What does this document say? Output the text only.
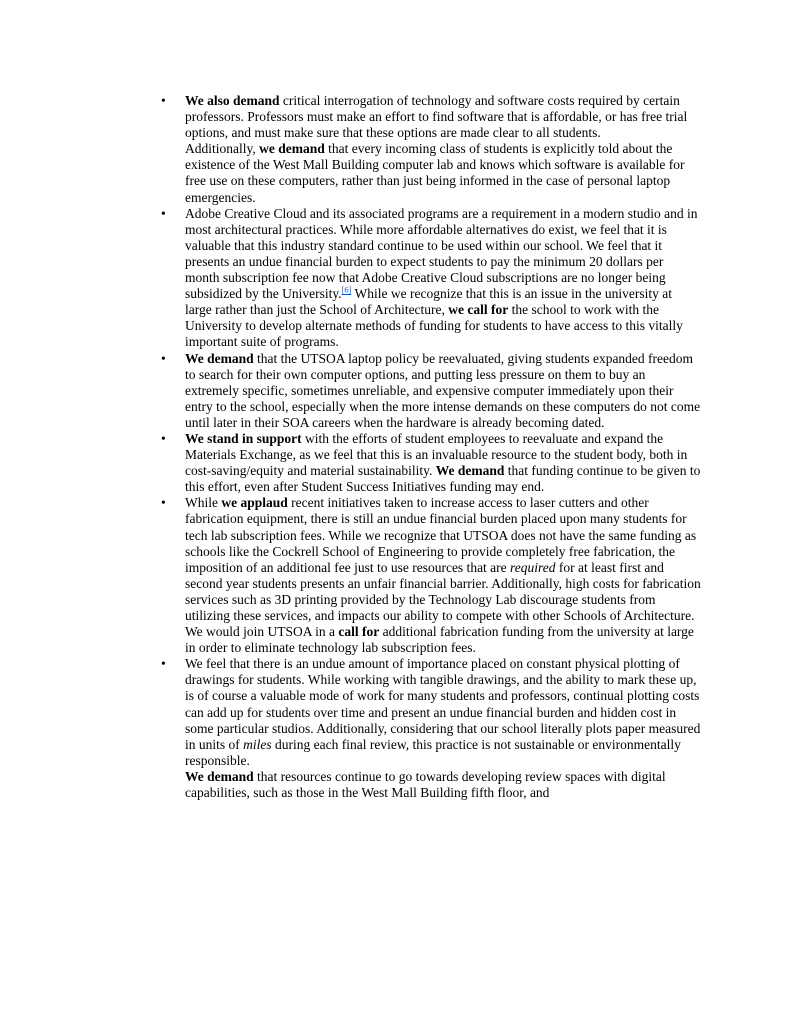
• We also demand critical interrogation of technology and software costs required by certain professors. Professors must make an effort to find software that is affordable, or has free trial options, and must make sure that these options are made clear to all students.
Additionally, we demand that every incoming class of students is explicitly told about the existence of the West Mall Building computer lab and knows which software is available for free use on these computers, rather than just being informed in the case of personal laptop emergencies.
• Adobe Creative Cloud and its associated programs are a requirement in a modern studio and in most architectural practices. While more affordable alternatives do exist, we feel that it is valuable that this industry standard continue to be used within our school. We feel that it presents an undue financial burden to expect students to pay the minimum 20 dollars per month subscription fee now that Adobe Creative Cloud subscriptions are no longer being subsidized by the University.[6] While we recognize that this is an issue in the university at large rather than just the School of Architecture, we call for the school to work with the University to develop alternate methods of funding for students to have access to this vitally important suite of programs.
• We demand that the UTSOA laptop policy be reevaluated, giving students expanded freedom to search for their own computer options, and putting less pressure on them to buy an extremely specific, sometimes unreliable, and expensive computer immediately upon their entry to the school, especially when the more intense demands on these computers do not come until later in their SOA careers when the hardware is already becoming dated.
• We stand in support with the efforts of student employees to reevaluate and expand the Materials Exchange, as we feel that this is an invaluable resource to the student body, both in cost-saving/equity and material sustainability. We demand that funding continue to be given to this effort, even after Student Success Initiatives funding may end.
• While we applaud recent initiatives taken to increase access to laser cutters and other fabrication equipment, there is still an undue financial burden placed upon many students for tech lab subscription fees. While we recognize that UTSOA does not have the same funding as schools like the Cockrell School of Engineering to provide completely free fabrication, the imposition of an additional fee just to use resources that are required for at least first and second year students presents an unfair financial barrier. Additionally, high costs for fabrication services such as 3D printing provided by the Technology Lab discourage students from utilizing these services, and impacts our ability to compete with other Schools of Architecture. We would join UTSOA in a call for additional fabrication funding from the university at large in order to eliminate technology lab subscription fees.
• We feel that there is an undue amount of importance placed on constant physical plotting of drawings for students. While working with tangible drawings, and the ability to mark these up, is of course a valuable mode of work for many students and professors, continual plotting costs can add up for students over time and present an undue financial burden and hidden cost in some particular studios. Additionally, considering that our school literally plots paper measured in units of miles during each final review, this practice is not sustainable or environmentally responsible.
We demand that resources continue to go towards developing review spaces with digital capabilities, such as those in the West Mall Building fifth floor, and
